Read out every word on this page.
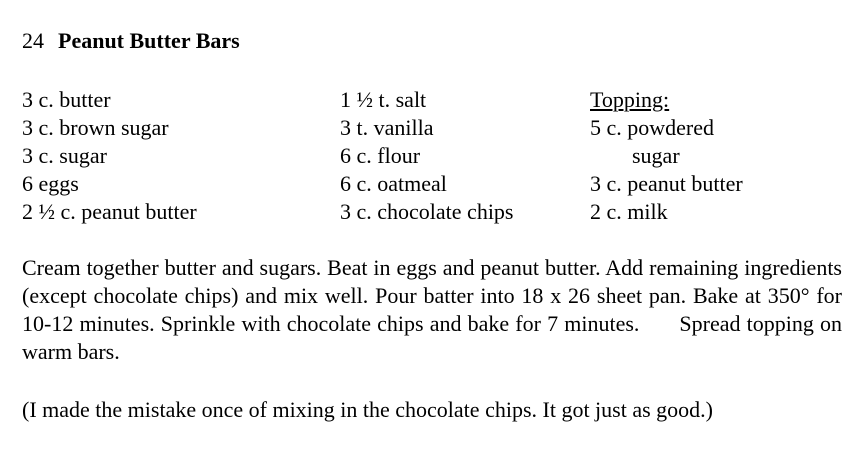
24 Peanut Butter Bars
3 c. butter
3 c. brown sugar
3 c. sugar
6 eggs
2 ½ c. peanut butter
1 ½ t. salt
3 t. vanilla
6 c. flour
6 c. oatmeal
3 c. chocolate chips
Topping:
5 c. powdered
sugar
3 c. peanut butter
2 c. milk
Cream together butter and sugars. Beat in eggs and peanut butter. Add remaining ingredients (except chocolate chips) and mix well. Pour batter into 18 x 26 sheet pan. Bake at 350° for 10-12 minutes. Sprinkle with chocolate chips and bake for 7 minutes. Spread topping on warm bars.
(I made the mistake once of mixing in the chocolate chips. It got just as good.)
